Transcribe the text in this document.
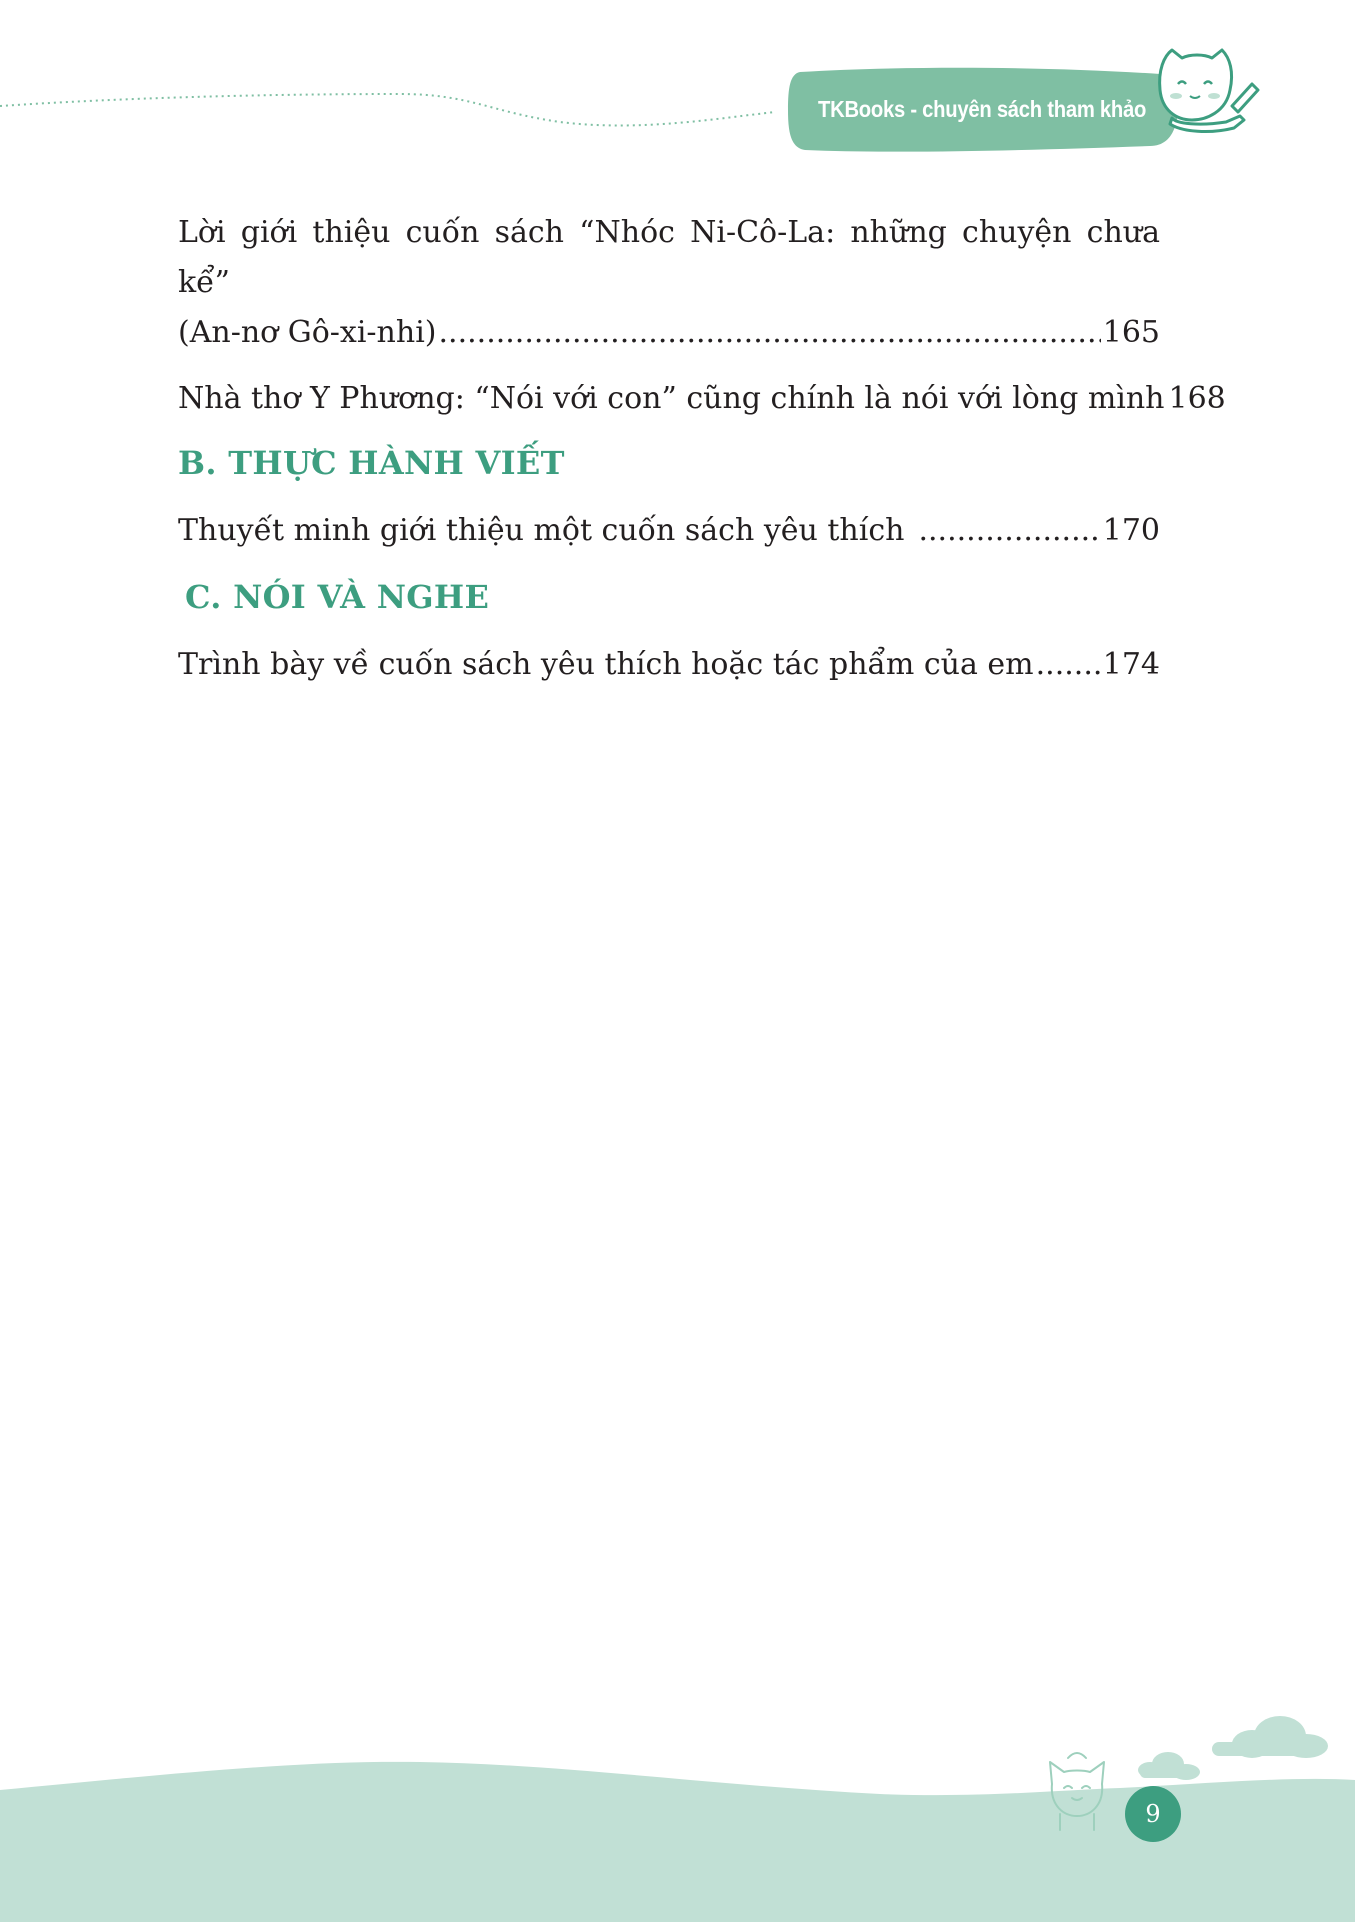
TKBooks - chuyên sách tham khảo
Lời giới thiệu cuốn sách “Nhóc Ni-Cô-La: những chuyện chưa kể”
(An-nơ Gô-xi-nhi) .....	165
Nhà thơ Y Phương: “Nói với con” cũng chính là nói với lòng mình 168
B. THỰC HÀNH VIẾT
Thuyết minh giới thiệu một cuốn sách yêu thích .....	170
C. NÓI VÀ NGHE
Trình bày về cuốn sách yêu thích hoặc tác phẩm của em ..... 174
9
